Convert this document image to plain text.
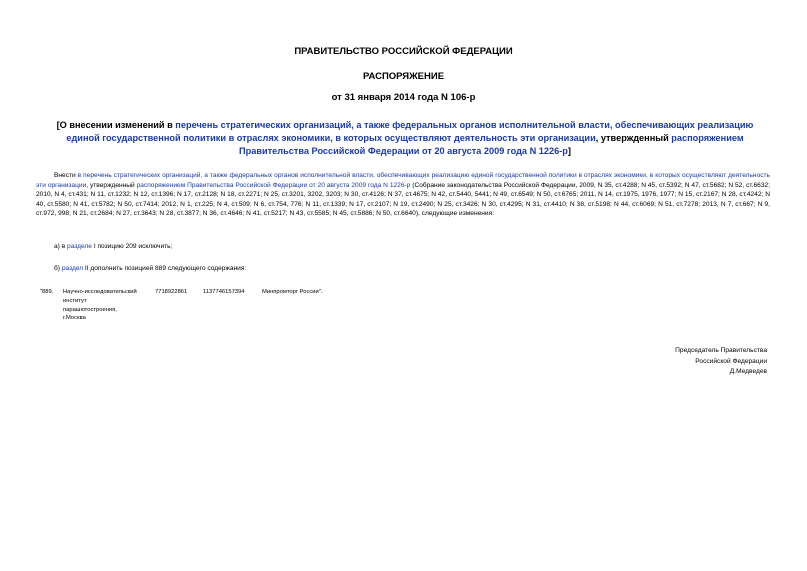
ПРАВИТЕЛЬСТВО РОССИЙСКОЙ ФЕДЕРАЦИИ
РАСПОРЯЖЕНИЕ
от 31 января 2014 года N 106-р
[О внесении изменений в перечень стратегических организаций, а также федеральных органов исполнительной власти, обеспечивающих реализацию единой государственной политики в отраслях экономики, в которых осуществляют деятельность эти организации, утвержденный распоряжением Правительства Российской Федерации от 20 августа 2009 года N 1226-р]
Внести в перечень стратегических организаций, а также федеральных органов исполнительной власти, обеспечивающих реализацию единой государственной политики в отраслях экономики, в которых осуществляют деятельность эти организации, утвержденный распоряжением Правительства Российской Федерации от 20 августа 2009 года N 1226-р (Собрание законодательства Российской Федерации, 2009, N 35, ст.4288; N 45, ст.5392; N 47, ст.5682; N 52, ст.6632; 2010, N 4, ст.431; N 11, ст.1232; N 12, ст.1396; N 17, ст.2128; N 18, ст.2271; N 25, ст.3201, 3202, 3203; N 30, ст.4126; N 37, ст.4675; N 42, ст.5440, 5441; N 49, ст.6549; N 50, ст.6765; 2011, N 14, ст.1975, 1976, 1977; N 15, ст.2167; N 28, ст.4242; N 40, ст.5580; N 41, ст.5782; N 50, ст.7414; 2012, N 1, ст.225; N 4, ст.509; N 6, ст.754, 776; N 11, ст.1339; N 17, ст.2107; N 19, ст.2490; N 25, ст.3426; N 30, ст.4295; N 31, ст.4410; N 38, ст.5198; N 44, ст.6069; N 51, ст.7278; 2013, N 7, ст.667; N 9, ст.972, 998; N 21, ст.2684; N 27, ст.3643; N 28, ст.3877; N 36, ст.4646; N 41, ст.5217; N 43, ст.5585; N 45, ст.5886; N 50, ст.6640), следующие изменения:
а) в разделе I позицию 209 исключить;
б) раздел II дополнить позицией 889 следующего содержания:
"889. Научно-исследовательский
институт
парашютостроения,
г.Москва
7718922861	1137746157394	Минпромторг России".
Председатель Правительства
Российской Федерации
Д.Медведев
